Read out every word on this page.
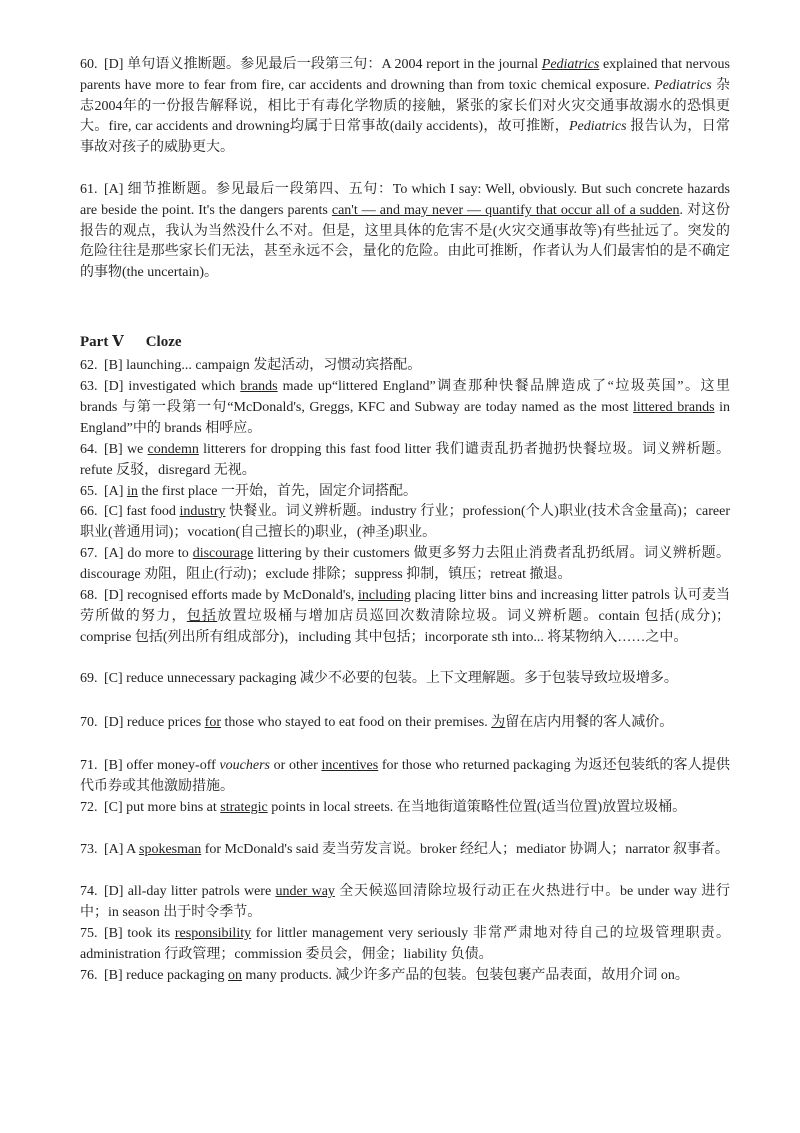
60. [D] 单句语义推断题。参见最后一段第三句：A 2004 report in the journal Pediatrics explained that nervous parents have more to fear from fire, car accidents and drowning than from toxic chemical exposure. Pediatrics 杂志2004年的一份报告解释说，相比于有毒化学物质的接触，紧张的家长们对火灾交通事故溺水的恐惧更大。fire, car accidents and drowning均属于日常事故(daily accidents)，故可推断，Pediatrics 报告认为，日常事故对孩子的威胁更大。
61. [A] 细节推断题。参见最后一段第四、五句：To which I say: Well, obviously. But such concrete hazards are beside the point. It's the dangers parents can't — and may never — quantify that occur all of a sudden. 对这份报告的观点，我认为当然没什么不对。但是，这里具体的危害不是(火灾交通事故等)有些扯远了。突发的危险往往是那些家长们无法，甚至永远不会，量化的危险。由此可推断，作者认为人们最害怕的是不确定的事物(the uncertain)。
Part Ⅴ Cloze
62. [B] launching... campaign 发起活动，习惯动宾搭配。
63. [D] investigated which brands made up“littered England”调查那种快餐品牌造成了“垃圾英国”。这里 brands 与第一段第一句“McDonald's, Greggs, KFC and Subway are today named as the most littered brands in England”中的 brands 相呼应。
64. [B] we condemn litterers for dropping this fast food litter 我们谴责乱扔者抛扔快餐垃圾。词义辨析题。refute 反驳，disregard 无视。
65. [A] in the first place 一开始，首先，固定介词搭配。
66. [C] fast food industry 快餐业。词义辨析题。industry 行业；profession(个人)职业(技术含金量高)；career 职业(普通用词)；vocation(自己擅长的)职业，(神圣)职业。
67. [A] do more to discourage littering by their customers 做更多努力去阻止消费者乱扔纸屑。词义辨析题。discourage 劝阻，阻止(行动)；exclude 排除；suppress 抑制，镇压；retreat 撤退。
68. [D] recognised efforts made by McDonald's, including placing litter bins and increasing litter patrols 认可麦当劳所做的努力，包括放置垃圾桶与增加店员巡回次数清除垃圾。词义辨析题。contain 包括(成分)；comprise 包括(列出所有组成部分)，including 其中包括；incorporate sth into... 将某物纳入……之中。
69. [C] reduce unnecessary packaging 减少不必要的包装。上下文理解题。多于包装导致垃圾增多。
70. [D] reduce prices for those who stayed to eat food on their premises. 为留在店内用餐的客人减价。
71. [B] offer money-off vouchers or other incentives for those who returned packaging 为返还包装纸的客人提供代币券或其他激励措施。
72. [C] put more bins at strategic points in local streets. 在当地街道策略性位置(适当位置)放置垃圾桶。
73. [A] A spokesman for McDonald's said 麦当劳发言说。broker 经纪人；mediator 协调人；narrator 叙事者。
74. [D] all-day litter patrols were under way 全天候巡回清除垃圾行动正在火热进行中。be under way 进行中；in season 出于时令季节。
75. [B] took its responsibility for littler management very seriously 非常严肃地对待自己的垃圾管理职责。administration 行政管理；commission 委员会，佣金；liability 负债。
76. [B] reduce packaging on many products. 减少许多产品的包装。包装包裹产品表面，故用介词 on。
